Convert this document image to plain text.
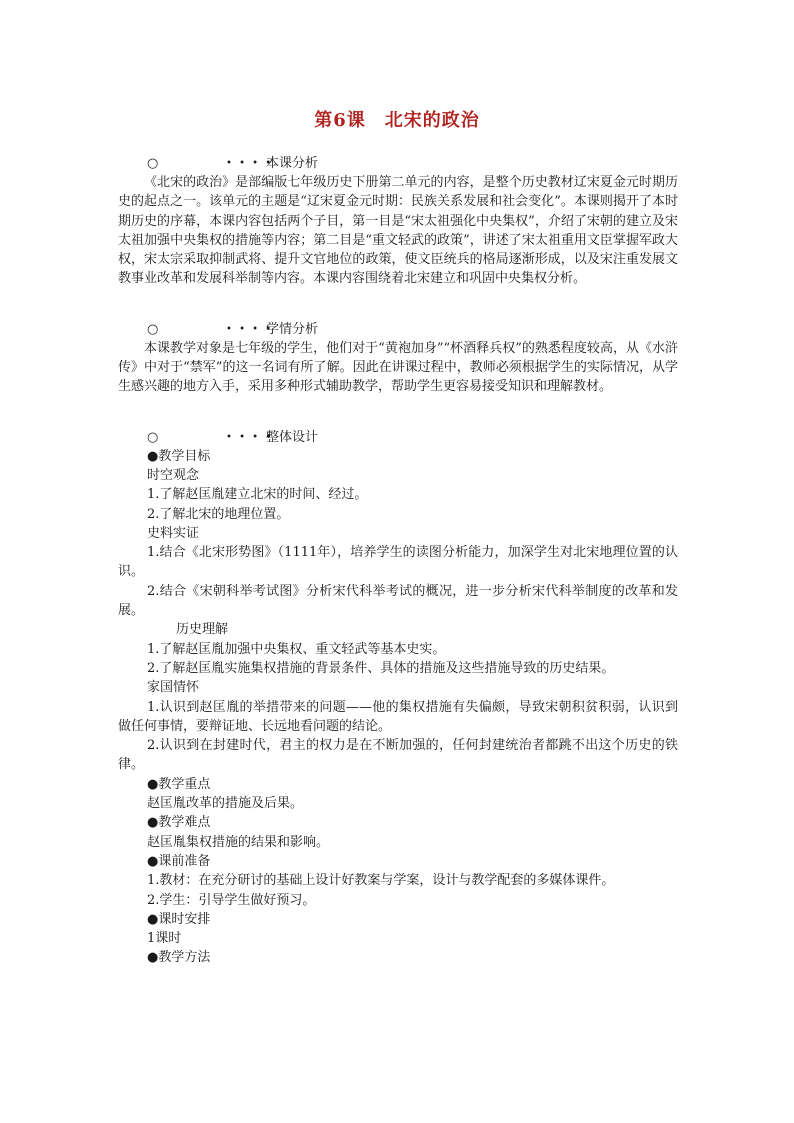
第6课　北宋的政治
○	• • • •
本课分析

《北宋的政治》是部编版七年级历史下册第二单元的内容，是整个历史教材辽宋夏金元时期历史的起点之一。该单元的主题是“辽宋夏金元时期：民族关系发展和社会变化”。本课则揭开了本时期历史的序幕，本课内容包括两个子目，第一目是“宋太祖强化中央集权”，介绍了宋朝的建立及宋太祖加强中央集权的措施等内容；第二目是“重文轻武的政策”，讲述了宋太祖重用文臣掌握军政大权，宋太宗采取抑制武将、提升文官地位的政策，使文臣统兵的格局逐渐形成，以及宋注重发展文教事业改革和发展科举制等内容。本课内容围绕着北宋建立和巩固中央集权分析。

○	• • • •
学情分析

本课教学对象是七年级的学生，他们对于“黄袍加身”“杯酒释兵权”的熟悉程度较高，从《水浒传》中对于“禁军”的这一名词有所了解。因此在讲课过程中，教师必须根据学生的实际情况，从学生感兴趣的地方入手，采用多种形式辅助教学，帮助学生更容易接受知识和理解教材。

○	• • • •
整体设计

●教学目标

时空观念

1.了解赵匡胤建立北宋的时间、经过。

2.了解北宋的地理位置。

史料实证

1.结合《北宋形势图》（1111年），培养学生的读图分析能力，加深学生对北宋地理位置的认识。

2.结合《宋朝科举考试图》分析宋代科举考试的概况，进一步分析宋代科举制度的改革和发展。

历史理解

1.了解赵匡胤加强中央集权、重文轻武等基本史实。

2.了解赵匡胤实施集权措施的背景条件、具体的措施及这些措施导致的历史结果。

家国情怀

1.认识到赵匡胤的举措带来的问题——他的集权措施有失偏颇，导致宋朝积贫积弱，认识到做任何事情，要辩证地、长远地看问题的结论。

2.认识到在封建时代，君主的权力是在不断加强的，任何封建统治者都跳不出这个历史的铁律。

●教学重点

赵匡胤改革的措施及后果。

●教学难点

赵匡胤集权措施的结果和影响。

●课前准备

1.教材：在充分研讨的基础上设计好教案与学案，设计与教学配套的多媒体课件。

2.学生：引导学生做好预习。

●课时安排

1课时

●教学方法
